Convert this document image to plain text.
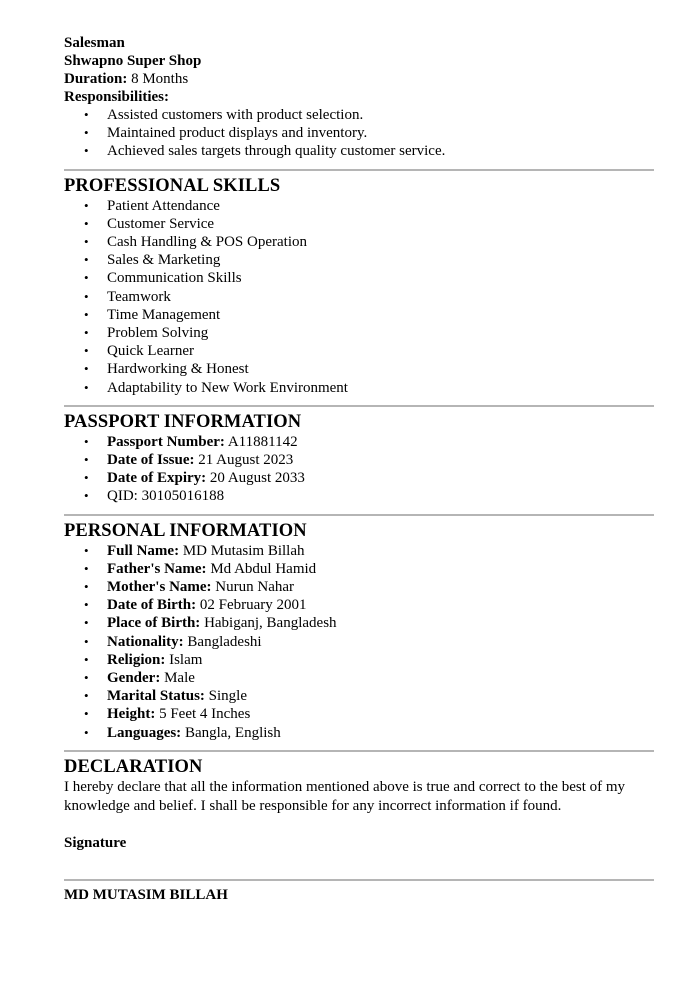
Salesman

Shwapno Super Shop

Duration: 8 Months

Responsibilities:

• Assisted customers with product selection.
• Maintained product displays and inventory.
• Achieved sales targets through quality customer service.
PROFESSIONAL SKILLS
• Patient Attendance
• Customer Service
• Cash Handling & POS Operation
• Sales & Marketing
• Communication Skills
• Teamwork
• Time Management
• Problem Solving
• Quick Learner
• Hardworking & Honest
• Adaptability to New Work Environment
PASSPORT INFORMATION
• Passport Number: A11881142
• Date of Issue: 21 August 2023
• Date of Expiry: 20 August 2033
• QID: 30105016188
PERSONAL INFORMATION
• Full Name: MD Mutasim Billah
• Father's Name: Md Abdul Hamid
• Mother's Name: Nurun Nahar
• Date of Birth: 02 February 2001
• Place of Birth: Habiganj, Bangladesh
• Nationality: Bangladeshi
• Religion: Islam
• Gender: Male
• Marital Status: Single
• Height: 5 Feet 4 Inches
• Languages: Bangla, English
DECLARATION

I hereby declare that all the information mentioned above is true and correct to the best of my knowledge and belief. I shall be responsible for any incorrect information if found.

Signature
MD MUTASIM BILLAH
